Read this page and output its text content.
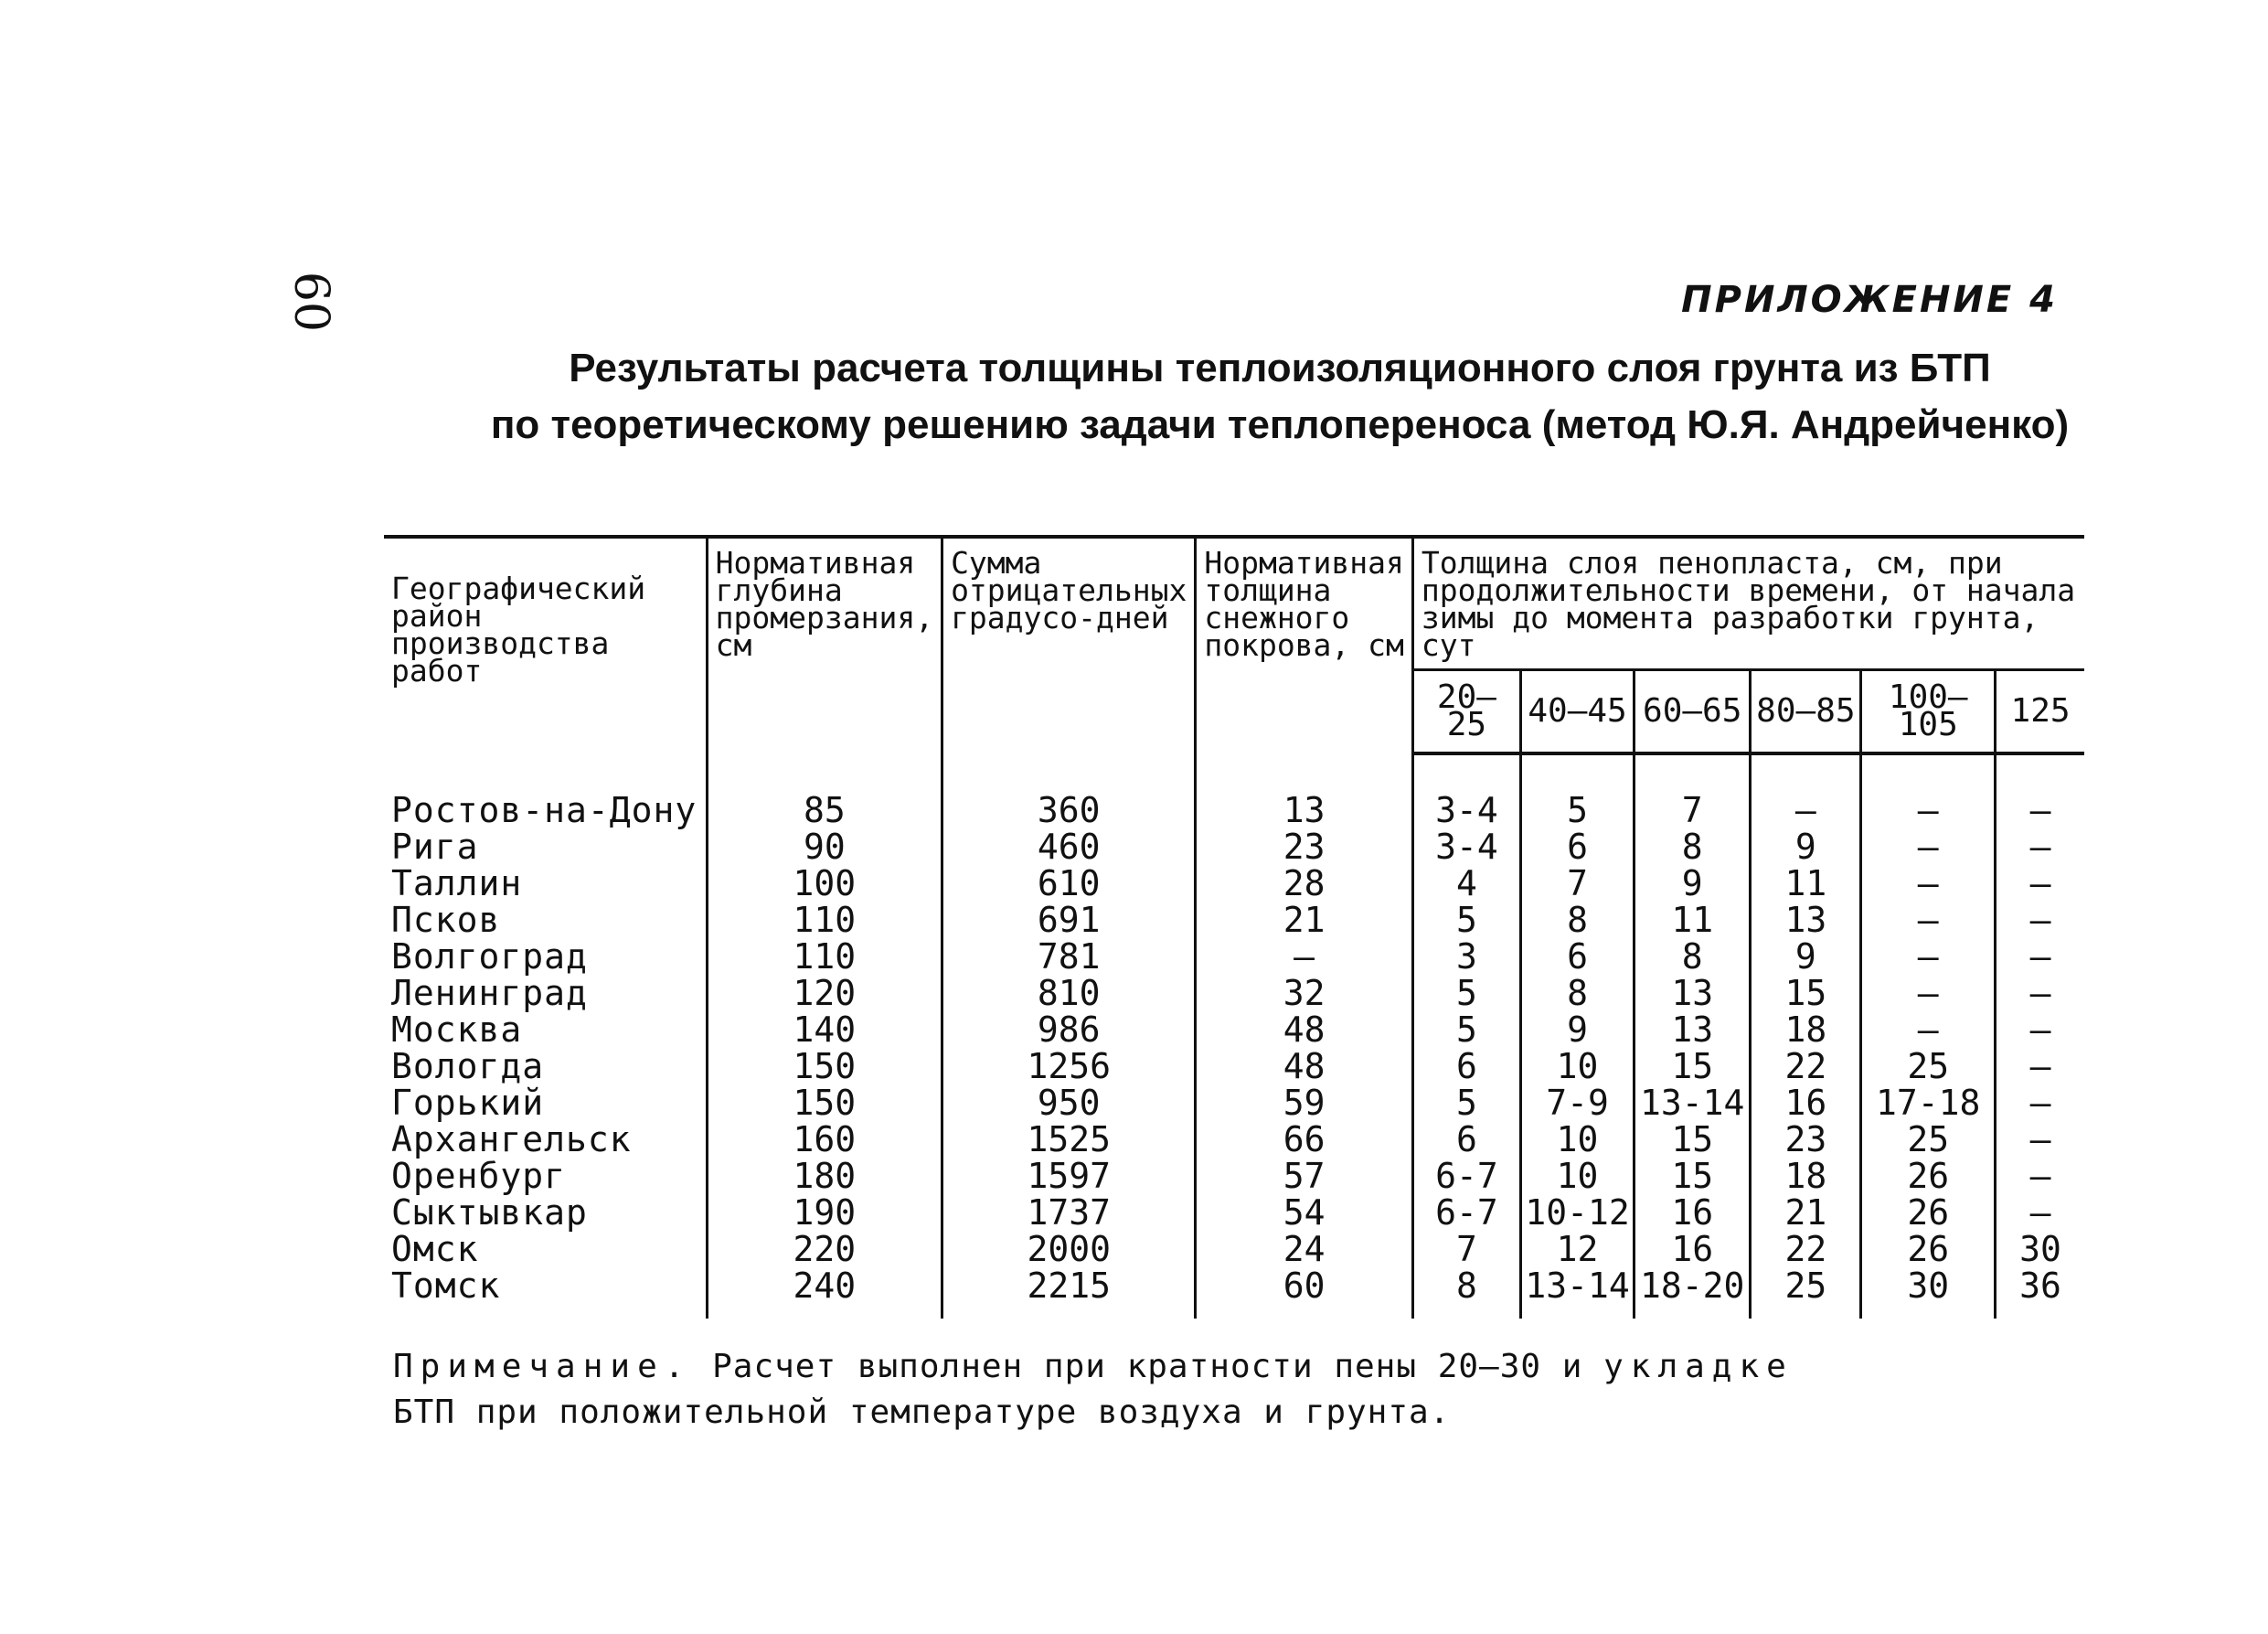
60	ПРИЛОЖЕНИЕ 4
Результаты расчета толщины теплоизоляционного слоя грунта из БТП
по теоретическому решению задачи теплопереноса (метод Ю.Я. Андрейченко)
Географический район производства работ	Нормативная глубина промерзания, см	Сумма отрицательных градусо-дней	Нормативная толщина снежного покрова, см	Толщина слоя пенопласта, см, при продолжительности времени, от начала зимы до момента разработки грунта, сут					
				20–25	40–45	60–65	80–85	100–105	125

Ростов-на-Дону	85	360	13	3-4	5	7	–	–	–
Рига	90	460	23	3-4	6	8	9	–	–
Таллин	100	610	28	4	7	9	11	–	–
Псков	110	691	21	5	8	11	13	–	–
Волгоград	110	781	–	3	6	8	9	–	–
Ленинград	120	810	32	5	8	13	15	–	–
Москва	140	986	48	5	9	13	18	–	–
Вологда	150	1256	48	6	10	15	22	25	–
Горький	150	950	59	5	7-9	13-14	16	17-18	–
Архангельск	160	1525	66	6	10	15	23	25	–
Оренбург	180	1597	57	6-7	10	15	18	26	–
Сыктывкар	190	1737	54	6-7	10-12	16	21	26	–
Омск	220	2000	24	7	12	16	22	26	30
Томск	240	2215	60	8	13-14	18-20	25	30	36

Примечание. Расчет выполнен при кратности пены 20–30 и укладке
БТП при положительной температуре воздуха и грунта.
